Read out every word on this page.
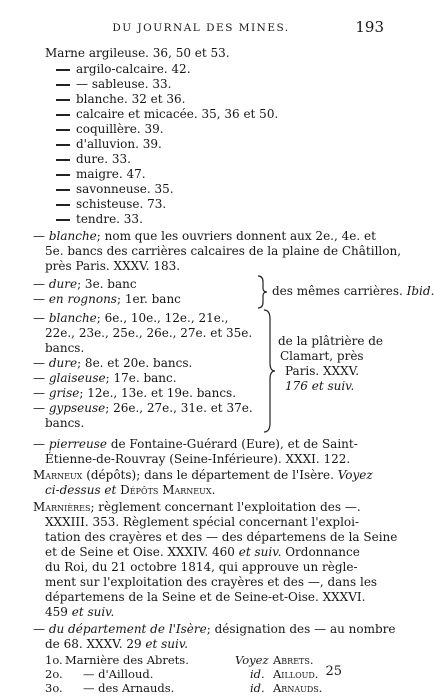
DU JOURNAL DES MINES.	193
Marne argileuse. 36, 50 et 53.
argilo-calcaire. 42.
— sableuse. 33.
blanche. 32 et 36.
calcaire et micacée. 35, 36 et 50.
coquillère. 39.
d'alluvion. 39.
dure. 33.
maigre. 47.
savonneuse. 35.
schisteuse. 73.
tendre. 33.
— blanche; nom que les ouvriers donnent aux 2e., 4e. et
5e. bancs des carrières calcaires de la plaine de Châtillon,
près Paris. XXXV. 183.
— dure; 3e. banc
— en rognons; 1er. banc
des mêmes carrières. Ibid.
— blanche; 6e., 10e., 12e., 21e.,
22e., 23e., 25e., 26e., 27e. et 35e.
bancs.
— dure; 8e. et 20e. bancs.
— glaiseuse; 17e. banc.
— grise; 12e., 13e. et 19e. bancs.
— gypseuse; 26e., 27e., 31e. et 37e.
bancs.
de la plâtrière de
Clamart, près
Paris. XXXV.
176 et suiv.
— pierreuse de Fontaine-Guérard (Eure), et de Saint-
Étienne-de-Rouvray (Seine-Inférieure). XXXI. 122.
Marneux (dépôts); dans le département de l'Isère. Voyez
ci-dessus et Dépôts Marneux.
Marnières; règlement concernant l'exploitation des —.
XXXIII. 353. Règlement spécial concernant l'exploi-
tation des crayères et des — des départemens de la Seine
et de Seine et Oise. XXXIV. 460 et suiv. Ordonnance
du Roi, du 21 octobre 1814, qui approuve un règle-
ment sur l'exploitation des crayères et des —, dans les
départemens de la Seine et de Seine-et-Oise. XXXVI.
459 et suiv.
— du département de l'Isère; désignation des — au nombre
de 68. XXXV. 29 et suiv.
1o. Marnière des Abrets.	Voyez Abrets.
2o. — d'Ailloud.	id. Ailloud.
3o. — des Arnauds.	id. Arnauds.
25
